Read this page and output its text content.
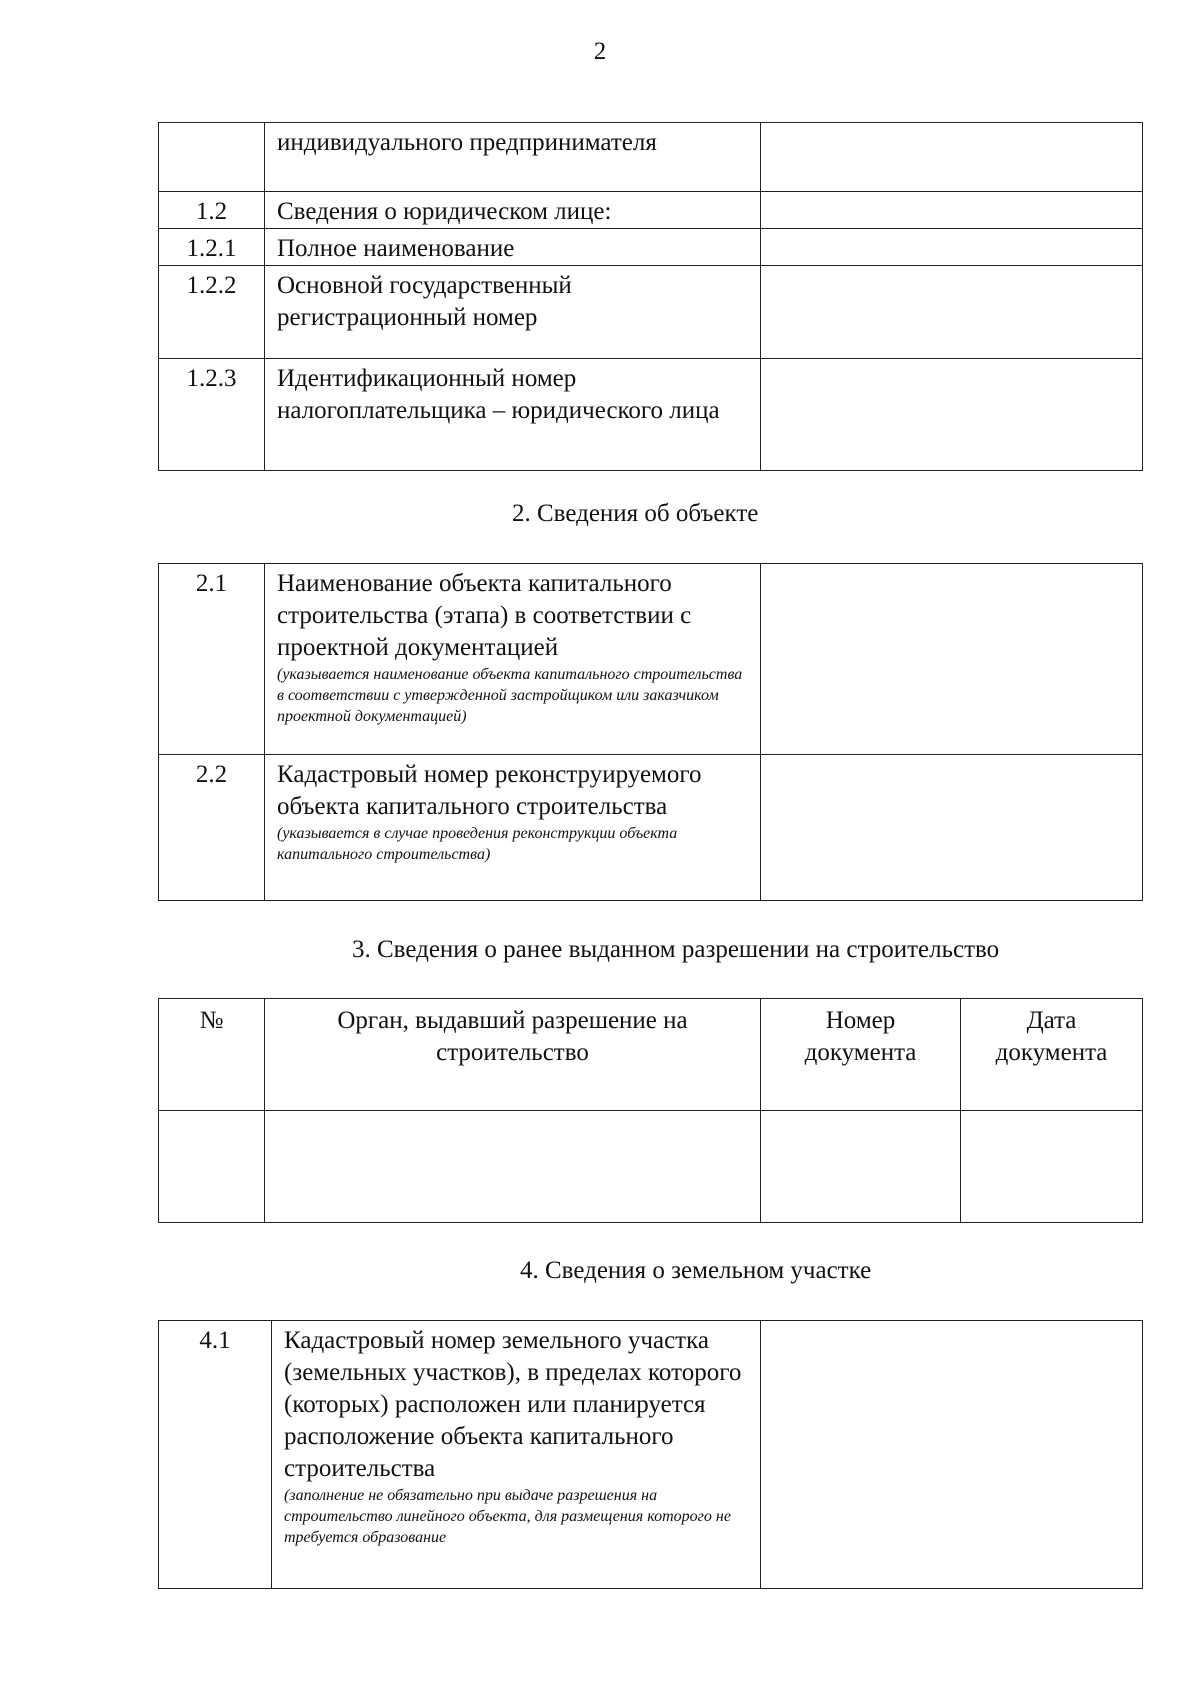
2
	индивидуального предпринимателя	
1.2	Сведения о юридическом лице:	
1.2.1	Полное наименование	
1.2.2	Основной государственный регистрационный номер	
1.2.3	Идентификационный номер налогоплательщика – юридического лица	
2. Сведения об объекте
2.1	Наименование объекта капитального строительства (этапа) в соответствии с проектной документацией
(указывается наименование объекта капитального строительства в соответствии с утвержденной застройщиком или заказчиком проектной документацией)	

2.2	Кадастровый номер реконструируемого объекта капитального строительства
(указывается в случае проведения реконструкции объекта капитального строительства)	

3. Сведения о ранее выданном разрешении на строительство
№	Орган, выдавший разрешение на строительство	Номер документа	Дата документа

4. Сведения о земельном участке
4.1	Кадастровый номер земельного участка (земельных участков), в пределах которого (которых) расположен или планируется расположение объекта капитального строительства
(заполнение не обязательно при выдаче разрешения на строительство линейного объекта, для размещения которого не требуется образование
